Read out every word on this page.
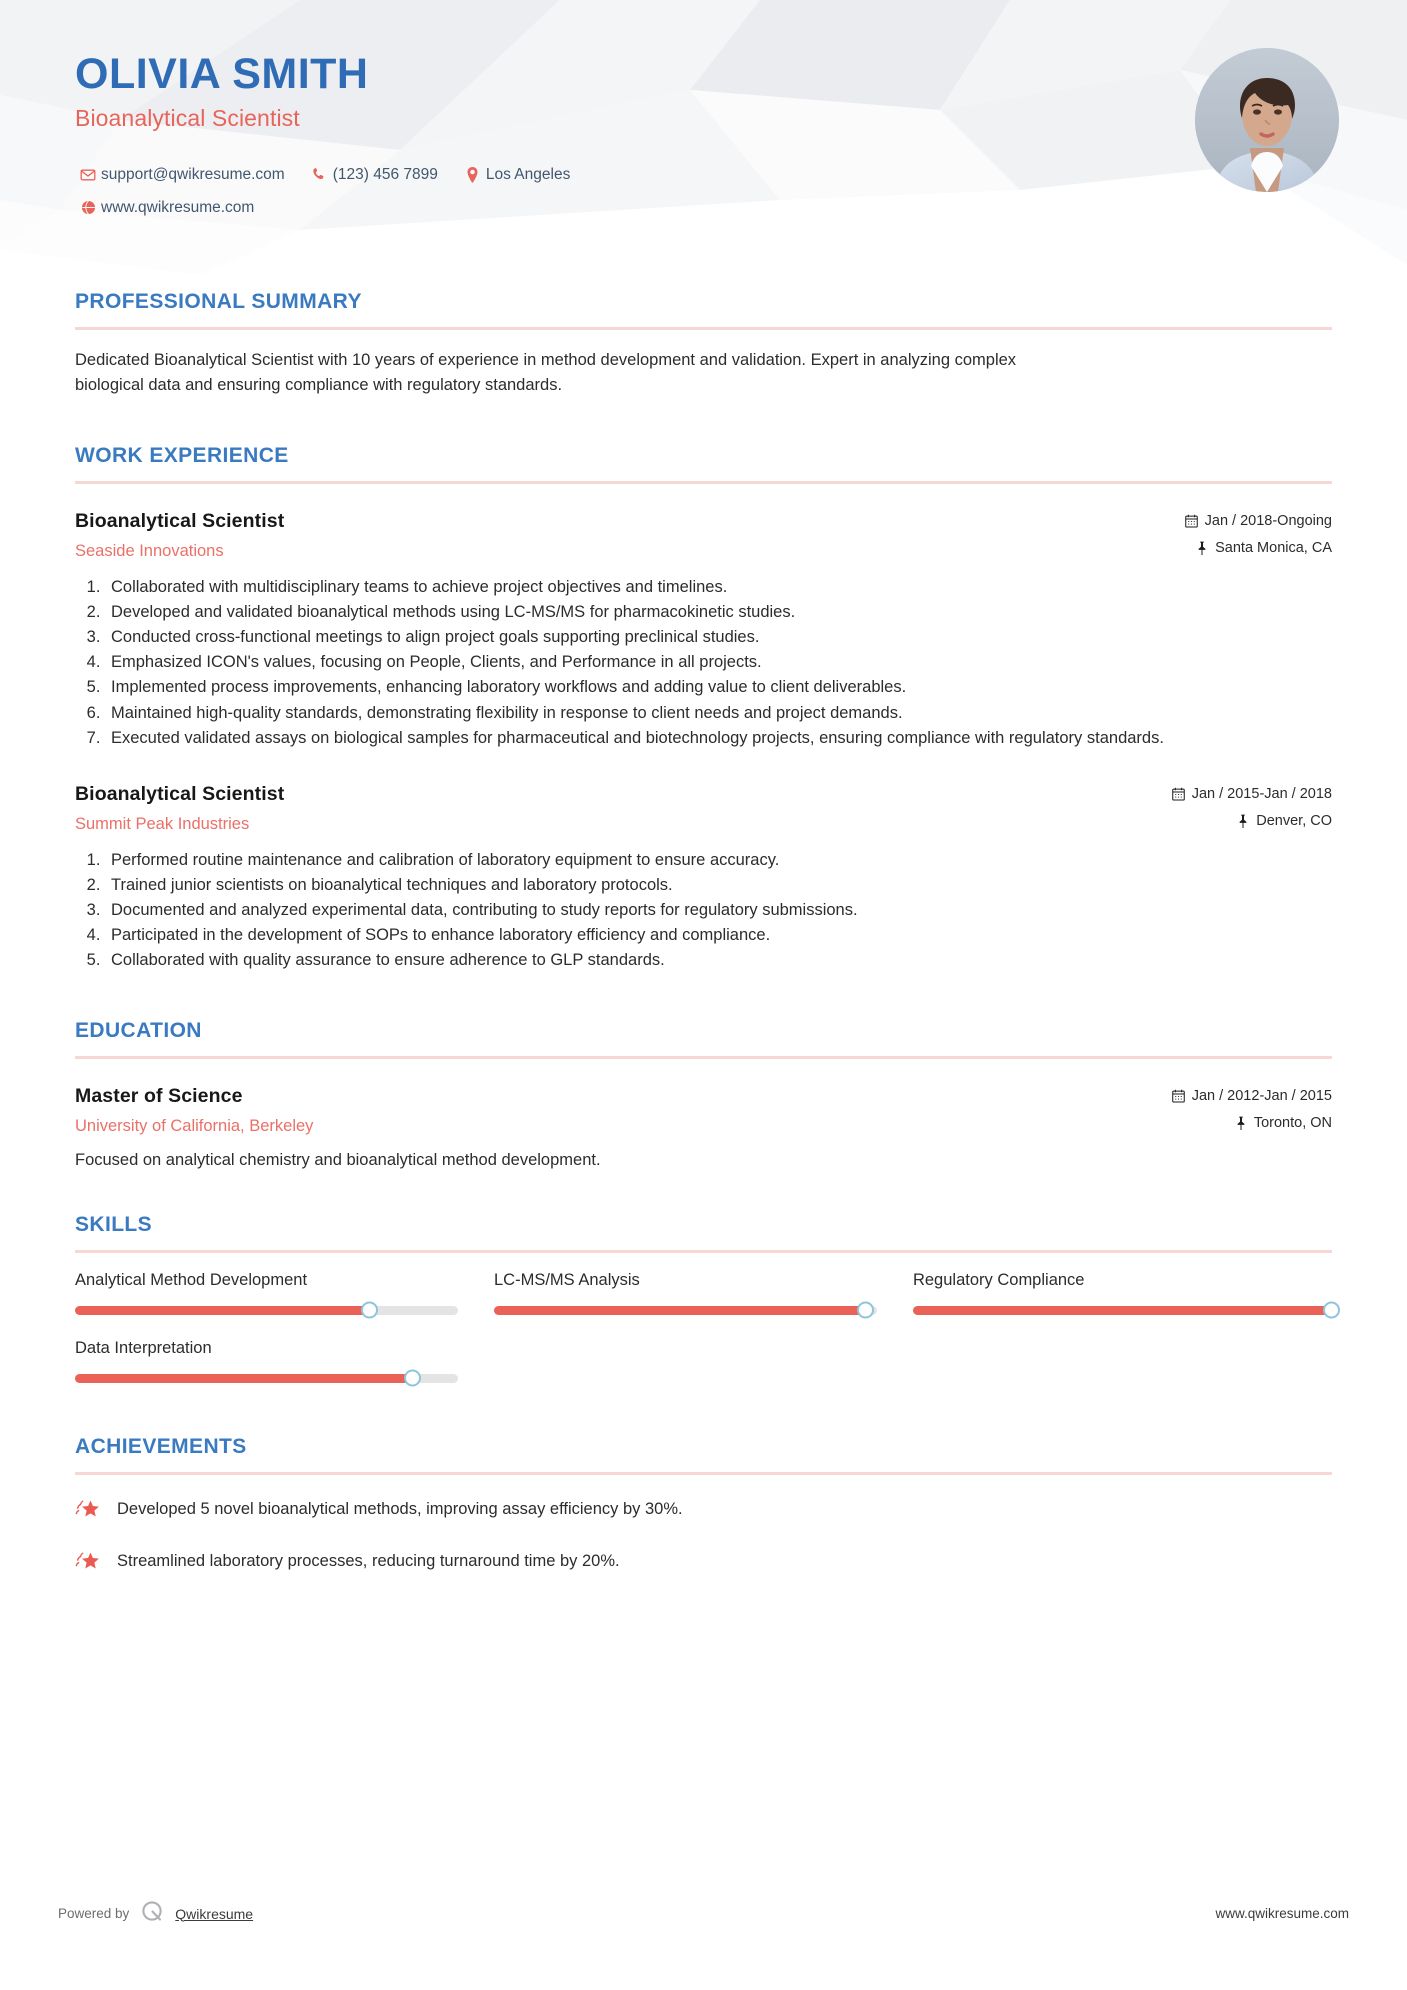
OLIVIA SMITH
Bioanalytical Scientist
support@qwikresume.com	(123) 456 7899	Los Angeles
www.qwikresume.com
PROFESSIONAL SUMMARY

Dedicated Bioanalytical Scientist with 10 years of experience in method development and validation. Expert in analyzing complex biological data and ensuring compliance with regulatory standards.

WORK EXPERIENCE
Bioanalytical Scientist
Seaside Innovations
Jan / 2018-Ongoing
Santa Monica, CA
1. Collaborated with multidisciplinary teams to achieve project objectives and timelines.
2. Developed and validated bioanalytical methods using LC-MS/MS for pharmacokinetic studies.
3. Conducted cross-functional meetings to align project goals supporting preclinical studies.
4. Emphasized ICON's values, focusing on People, Clients, and Performance in all projects.
5. Implemented process improvements, enhancing laboratory workflows and adding value to client deliverables.
6. Maintained high-quality standards, demonstrating flexibility in response to client needs and project demands.
7. Executed validated assays on biological samples for pharmaceutical and biotechnology projects, ensuring compliance with regulatory standards.
Bioanalytical Scientist
Summit Peak Industries
Jan / 2015-Jan / 2018
Denver, CO
1. Performed routine maintenance and calibration of laboratory equipment to ensure accuracy.
2. Trained junior scientists on bioanalytical techniques and laboratory protocols.
3. Documented and analyzed experimental data, contributing to study reports for regulatory submissions.
4. Participated in the development of SOPs to enhance laboratory efficiency and compliance.
5. Collaborated with quality assurance to ensure adherence to GLP standards.
EDUCATION
Master of Science
University of California, Berkeley
Jan / 2012-Jan / 2015
Toronto, ON
Focused on analytical chemistry and bioanalytical method development.
SKILLS
Analytical Method Development	LC-MS/MS Analysis	Regulatory Compliance
Data Interpretation
ACHIEVEMENTS
Developed 5 novel bioanalytical methods, improving assay efficiency by 30%.
Streamlined laboratory processes, reducing turnaround time by 20%.
Powered by	Qwikresume	www.qwikresume.com
